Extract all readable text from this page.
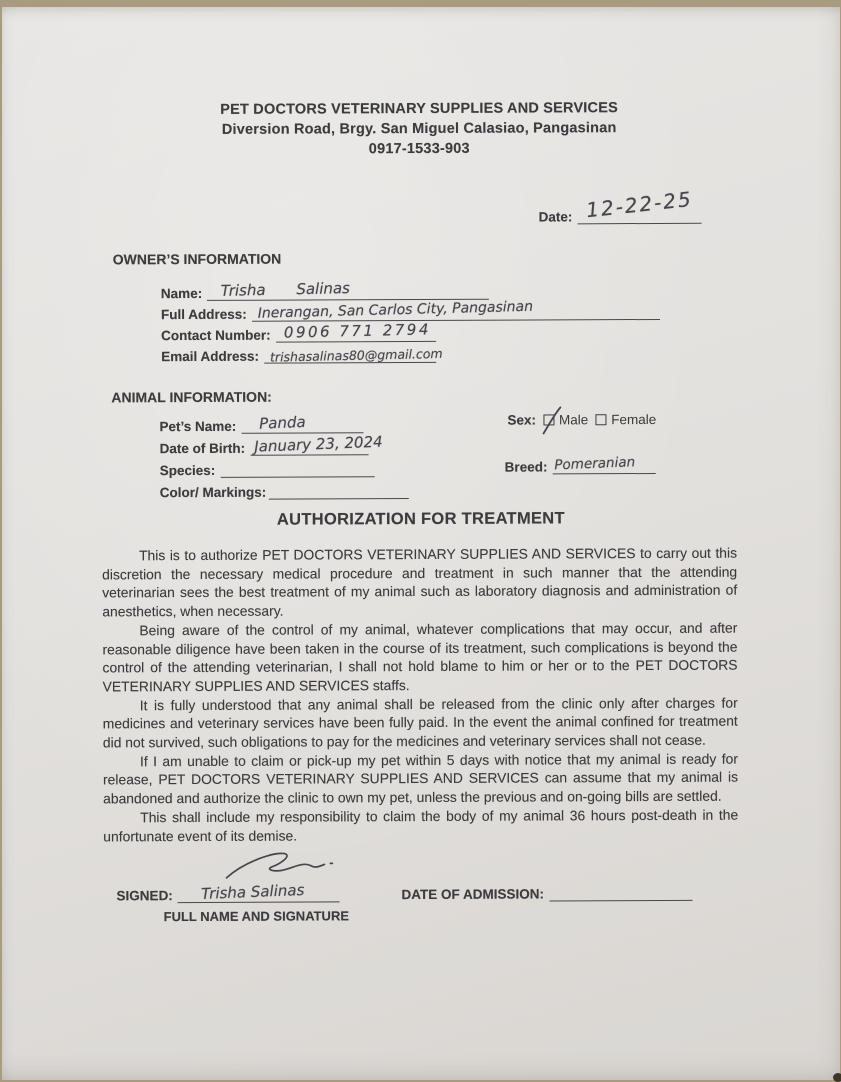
PET DOCTORS VETERINARY SUPPLIES AND SERVICES
Diversion Road, Brgy. San Miguel Calasiao, Pangasinan
0917-1533-903
Date: 12-22-25
OWNER’S INFORMATION
Name: Trisha Salinas
Full Address: Inerangan, San Carlos City, Pangasinan
Contact Number: 0906 771 2794
Email Address: trishasalinas80@gmail.com
ANIMAL INFORMATION:
Pet’s Name: Panda	Sex: Male Female
Date of Birth: January 23, 2024
Species:	Breed: Pomeranian
Color/ Markings:
AUTHORIZATION FOR TREATMENT

This is to authorize PET DOCTORS VETERINARY SUPPLIES AND SERVICES to carry out this discretion the necessary medical procedure and treatment in such manner that the attending veterinarian sees the best treatment of my animal such as laboratory diagnosis and administration of anesthetics, when necessary.

Being aware of the control of my animal, whatever complications that may occur, and after reasonable diligence have been taken in the course of its treatment, such complications is beyond the control of the attending veterinarian, I shall not hold blame to him or her or to the PET DOCTORS VETERINARY SUPPLIES AND SERVICES staffs.

It is fully understood that any animal shall be released from the clinic only after charges for medicines and veterinary services have been fully paid. In the event the animal confined for treatment did not survived, such obligations to pay for the medicines and veterinary services shall not cease.

If I am unable to claim or pick-up my pet within 5 days with notice that my animal is ready for release, PET DOCTORS VETERINARY SUPPLIES AND SERVICES can assume that my animal is abandoned and authorize the clinic to own my pet, unless the previous and on-going bills are settled.

This shall include my responsibility to claim the body of my animal 36 hours post-death in the unfortunate event of its demise.

SIGNED: Trisha Salinas
FULL NAME AND SIGNATURE
DATE OF ADMISSION:
